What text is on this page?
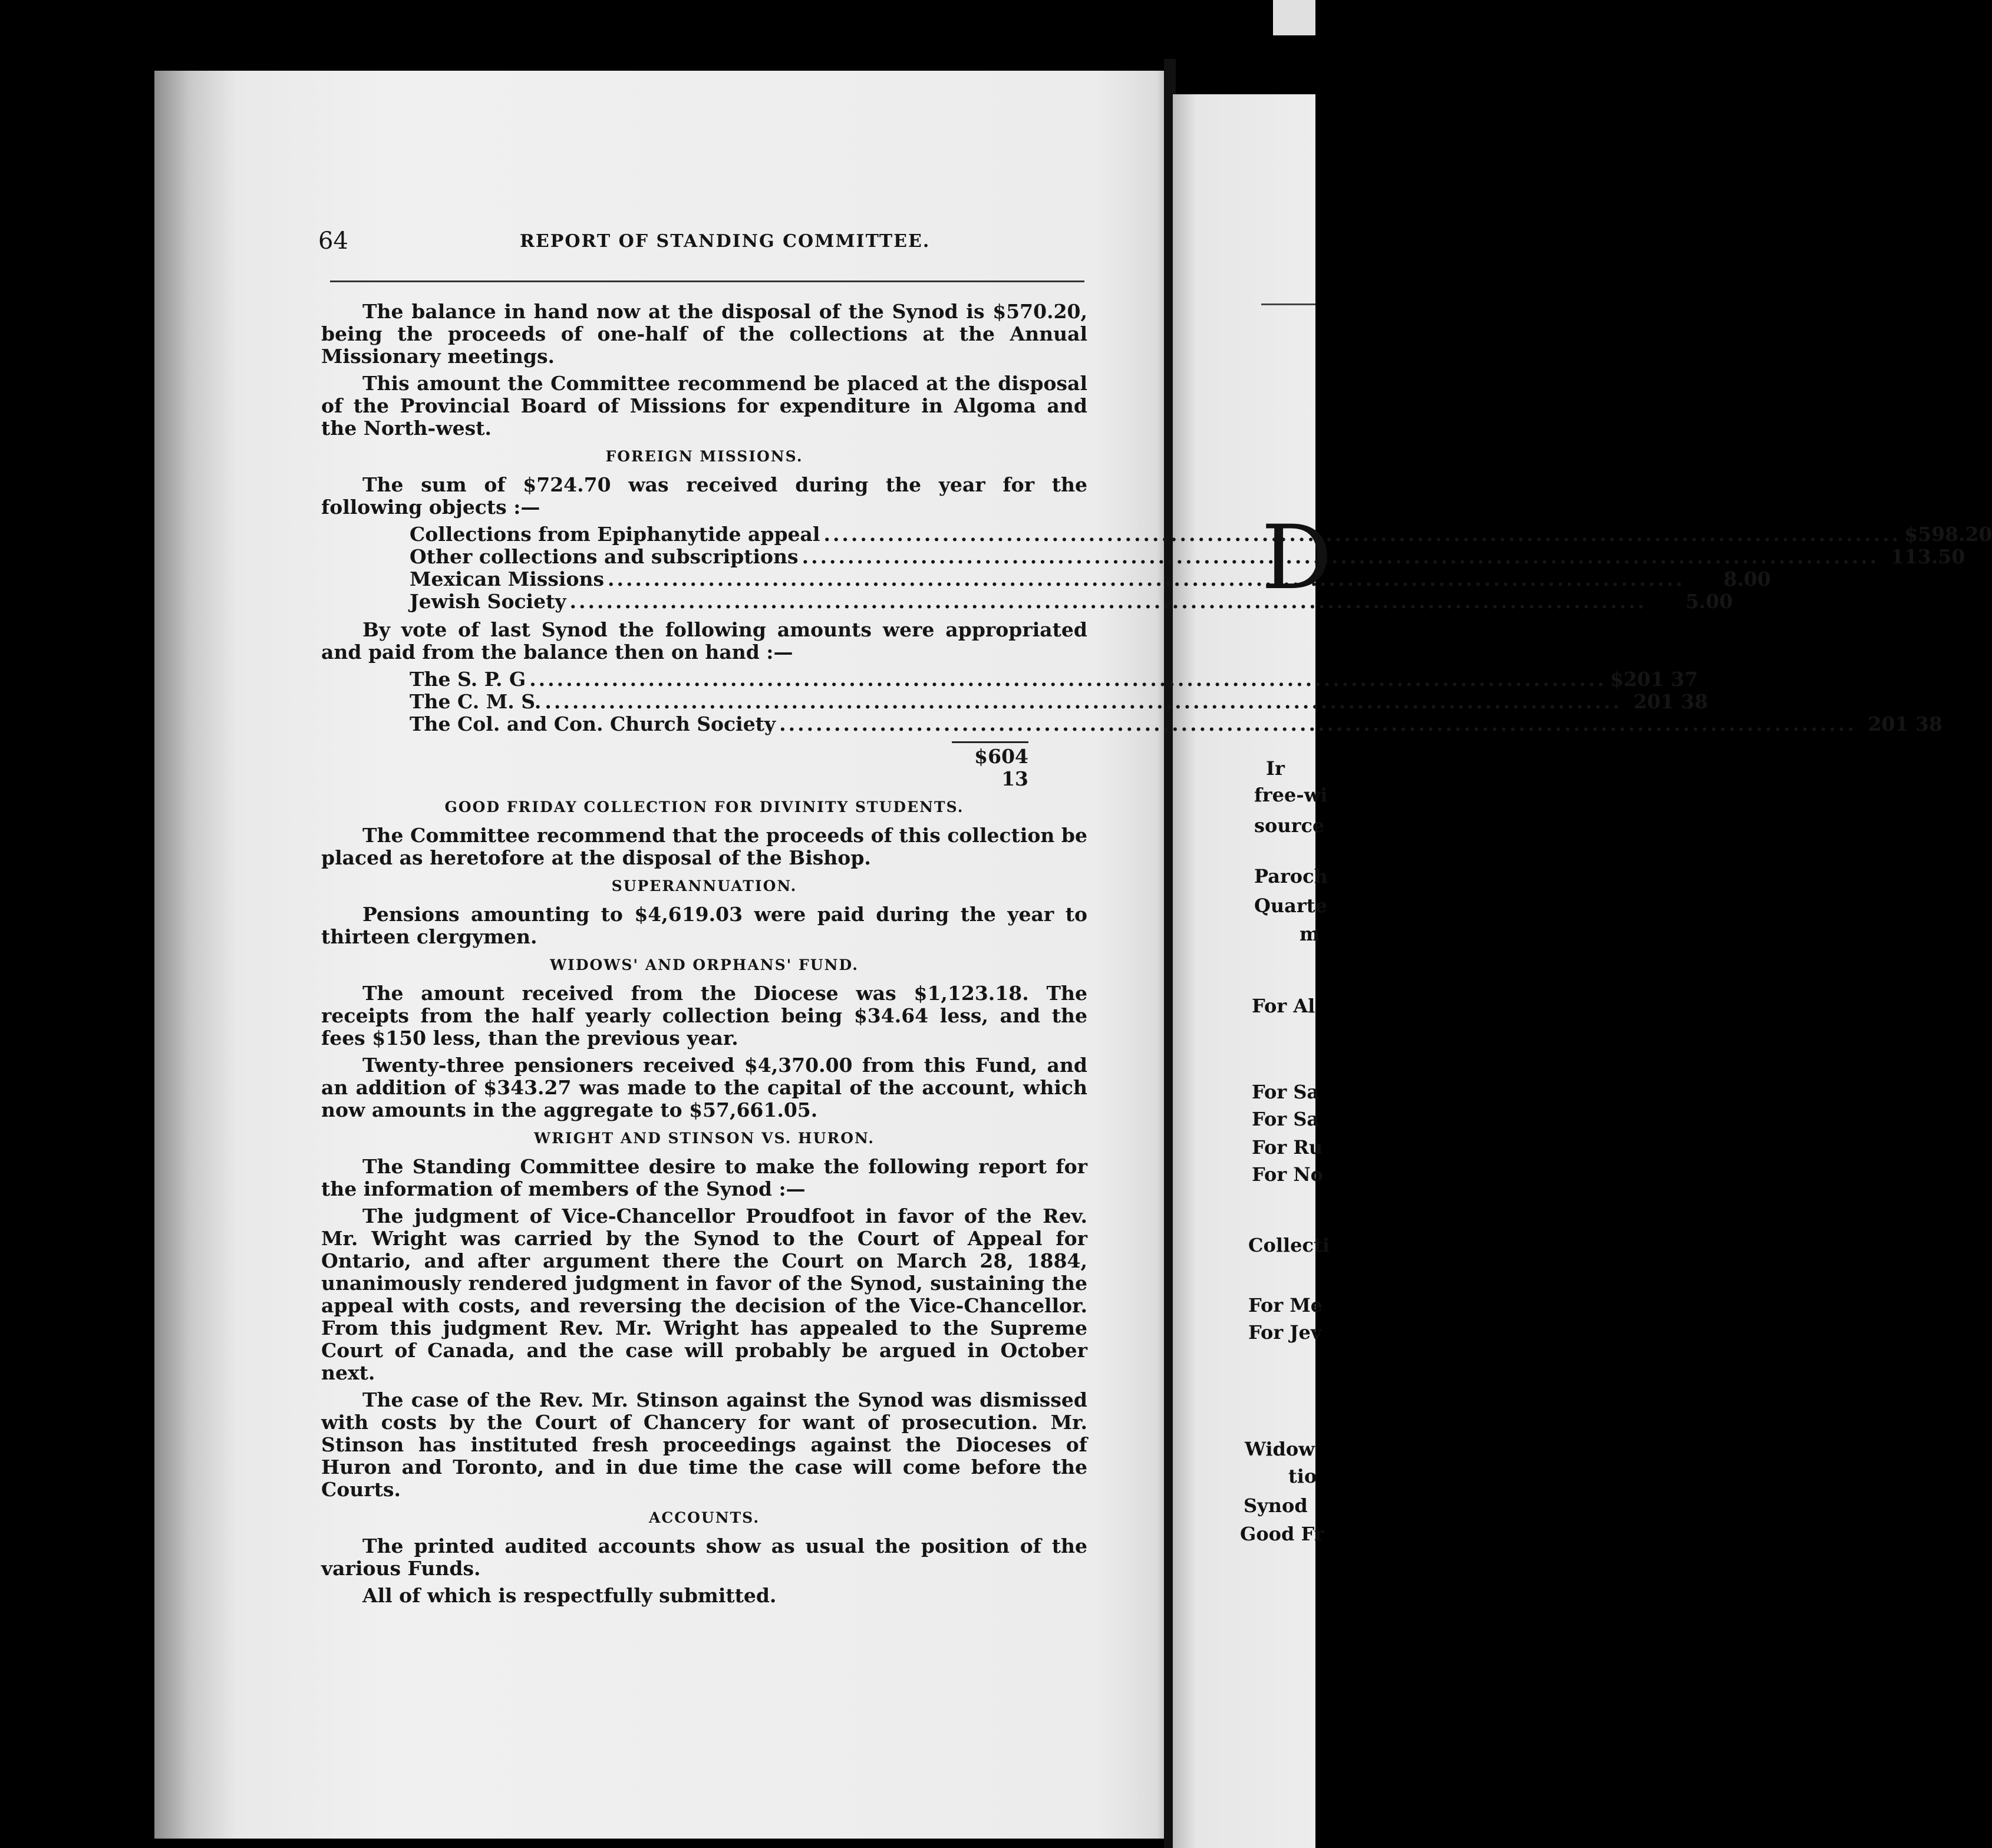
64	REPORT OF STANDING COMMITTEE.

The balance in hand now at the disposal of the Synod is $570.20, being the proceeds of one-half of the collections at the Annual Missionary meetings.

This amount the Committee recommend be placed at the disposal of the Provincial Board of Missions for expenditure in Algoma and the North-west.

FOREIGN MISSIONS.

The sum of $724.70 was received during the year for the following objects :—

Collections from Epiphanytide appeal .....	$598.20
Other collections and subscriptions .....	113.50
Mexican Missions .....	8.00
Jewish Society .....	5.00

By vote of last Synod the following amounts were appropriated and paid from the balance then on hand :—

The S. P. G .....	$201 37
The C. M. S. .....	201 38
The Col. and Con. Church Society .....	201 38
$604 13
GOOD FRIDAY COLLECTION FOR DIVINITY STUDENTS.

The Committee recommend that the proceeds of this collection be placed as heretofore at the disposal of the Bishop.

SUPERANNUATION.

Pensions amounting to $4,619.03 were paid during the year to thirteen clergymen.

WIDOWS' AND ORPHANS' FUND.

The amount received from the Diocese was $1,123.18. The receipts from the half yearly collection being $34.64 less, and the fees $150 less, than the previous year.

Twenty-three pensioners received $4,370.00 from this Fund, and an addition of $343.27 was made to the capital of the account, which now amounts in the aggregate to $57,661.05.

WRIGHT AND STINSON VS. HURON.

The Standing Committee desire to make the following report for the information of members of the Synod :—

The judgment of Vice-Chancellor Proudfoot in favor of the Rev. Mr. Wright was carried by the Synod to the Court of Appeal for Ontario, and after argument there the Court on March 28, 1884, unanimously rendered judgment in favor of the Synod, sustaining the appeal with costs, and reversing the decision of the Vice-Chancellor. From this judgment Rev. Mr. Wright has appealed to the Supreme Court of Canada, and the case will probably be argued in October next.

The case of the Rev. Mr. Stinson against the Synod was dismissed with costs by the Court of Chancery for want of prosecution. Mr. Stinson has instituted fresh proceedings against the Dioceses of Huron and Toronto, and in due time the case will come before the Courts.

ACCOUNTS.

The printed audited accounts show as usual the position of the various Funds.

All of which is respectfully submitted.

D
Ir
free-wi
source
Paroch
Quarte
m
For Al
For Sa
For Sa
For Ru
For No
Collecti
For Me
For Jev
Widow
tio
Synod
Good Fr
